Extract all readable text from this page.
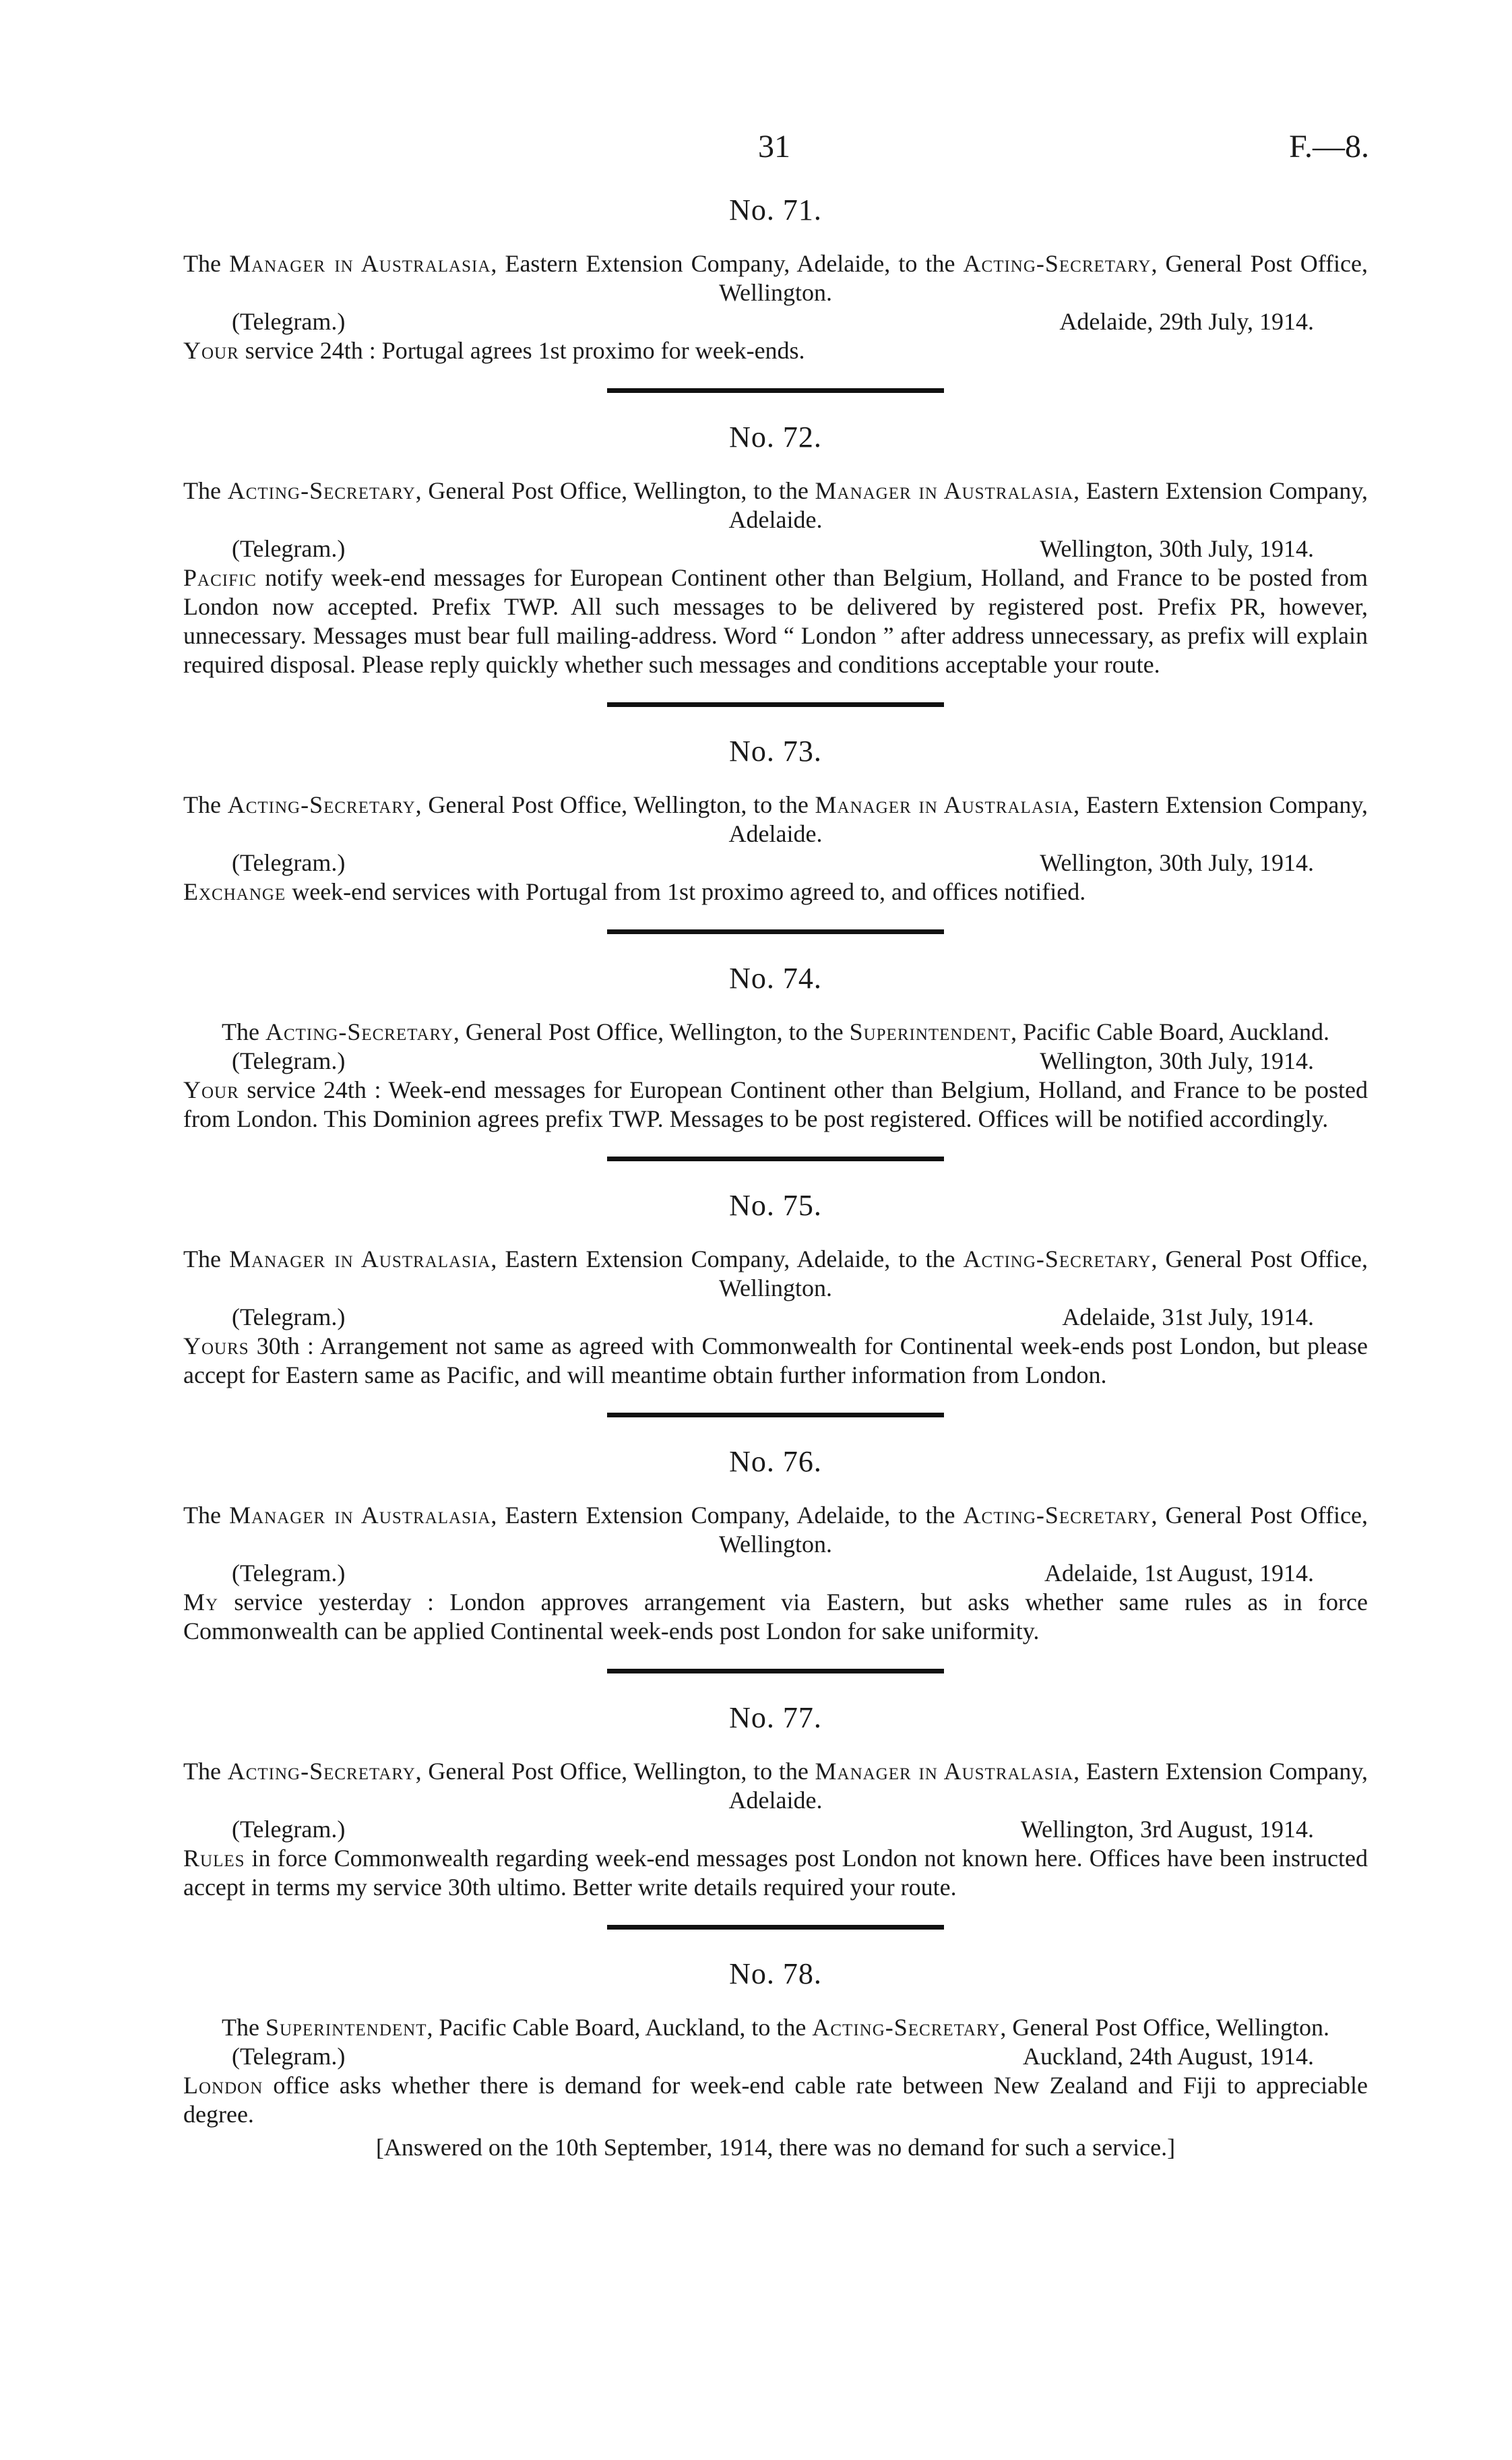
31	F.—8.
No. 71.
The Manager in Australasia, Eastern Extension Company, Adelaide, to the Acting-Secretary, General Post Office, Wellington.
(Telegram.)	Adelaide, 29th July, 1914.
Your service 24th : Portugal agrees 1st proximo for week-ends.
No. 72.
The Acting-Secretary, General Post Office, Wellington, to the Manager in Australasia, Eastern Extension Company, Adelaide.
(Telegram.)	Wellington, 30th July, 1914.
Pacific notify week-end messages for European Continent other than Belgium, Holland, and France to be posted from London now accepted. Prefix TWP. All such messages to be delivered by registered post. Prefix PR, however, unnecessary. Messages must bear full mailing-address. Word “ London ” after address unnecessary, as prefix will explain required disposal. Please reply quickly whether such messages and conditions acceptable your route.
No. 73.
The Acting-Secretary, General Post Office, Wellington, to the Manager in Australasia, Eastern Extension Company, Adelaide.
(Telegram.)	Wellington, 30th July, 1914.
Exchange week-end services with Portugal from 1st proximo agreed to, and offices notified.
No. 74.
The Acting-Secretary, General Post Office, Wellington, to the Superintendent, Pacific Cable Board, Auckland.
(Telegram.)	Wellington, 30th July, 1914.
Your service 24th : Week-end messages for European Continent other than Belgium, Holland, and France to be posted from London. This Dominion agrees prefix TWP. Messages to be post registered. Offices will be notified accordingly.
No. 75.
The Manager in Australasia, Eastern Extension Company, Adelaide, to the Acting-Secretary, General Post Office, Wellington.
(Telegram.)	Adelaide, 31st July, 1914.
Yours 30th : Arrangement not same as agreed with Commonwealth for Continental week-ends post London, but please accept for Eastern same as Pacific, and will meantime obtain further information from London.
No. 76.
The Manager in Australasia, Eastern Extension Company, Adelaide, to the Acting-Secretary, General Post Office, Wellington.
(Telegram.)	Adelaide, 1st August, 1914.
My service yesterday : London approves arrangement via Eastern, but asks whether same rules as in force Commonwealth can be applied Continental week-ends post London for sake uniformity.
No. 77.
The Acting-Secretary, General Post Office, Wellington, to the Manager in Australasia, Eastern Extension Company, Adelaide.
(Telegram.)	Wellington, 3rd August, 1914.
Rules in force Commonwealth regarding week-end messages post London not known here. Offices have been instructed accept in terms my service 30th ultimo. Better write details required your route.
No. 78.
The Superintendent, Pacific Cable Board, Auckland, to the Acting-Secretary, General Post Office, Wellington.
(Telegram.)	Auckland, 24th August, 1914.
London office asks whether there is demand for week-end cable rate between New Zealand and Fiji to appreciable degree.
[Answered on the 10th September, 1914, there was no demand for such a service.]
